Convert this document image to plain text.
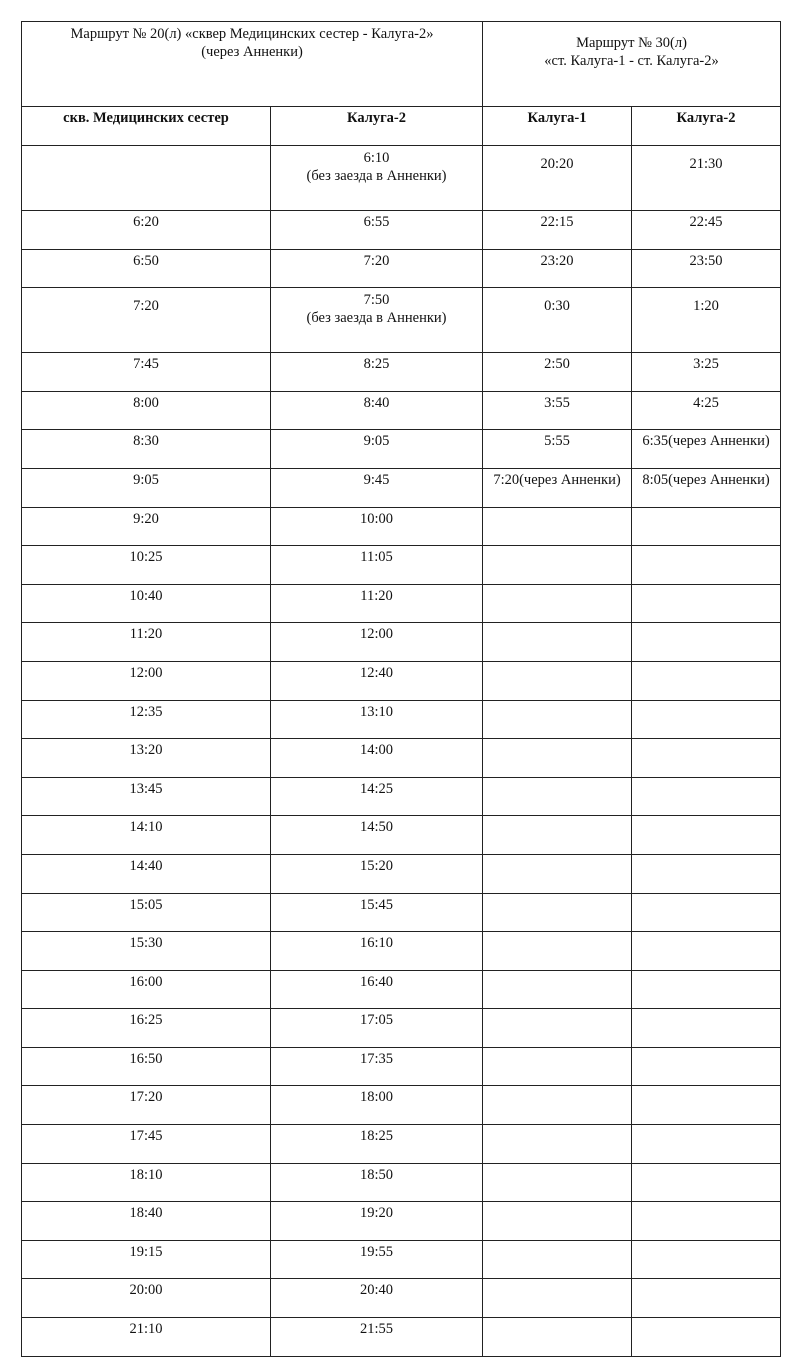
Маршрут № 20(л) «сквер Медицинских сестер - Калуга-2»
(через Анненки)		Маршрут № 30(л)
«ст. Калуга-1 - ст. Калуга-2»	

скв. Медицинских сестер	Калуга-2	Калуга-1	Калуга-2

	6:10
(без заезда в Анненки)	20:20	21:30

6:20	6:55	22:15	22:45

6:50	7:20	23:20	23:50

7:20	7:50
(без заезда в Анненки)	0:30	1:20

7:45	8:25	2:50	3:25

8:00	8:40	3:55	4:25

8:30	9:05	5:55	6:35(через Анненки)

9:05	9:45	7:20(через Анненки)	8:05(через Анненки)

9:20	10:00		

10:25	11:05		

10:40	11:20		

11:20	12:00		

12:00	12:40		

12:35	13:10		

13:20	14:00		

13:45	14:25		

14:10	14:50		

14:40	15:20		

15:05	15:45		

15:30	16:10		

16:00	16:40		

16:25	17:05		

16:50	17:35		

17:20	18:00		

17:45	18:25		

18:10	18:50		

18:40	19:20		

19:15	19:55		

20:00	20:40		

21:10	21:55		
